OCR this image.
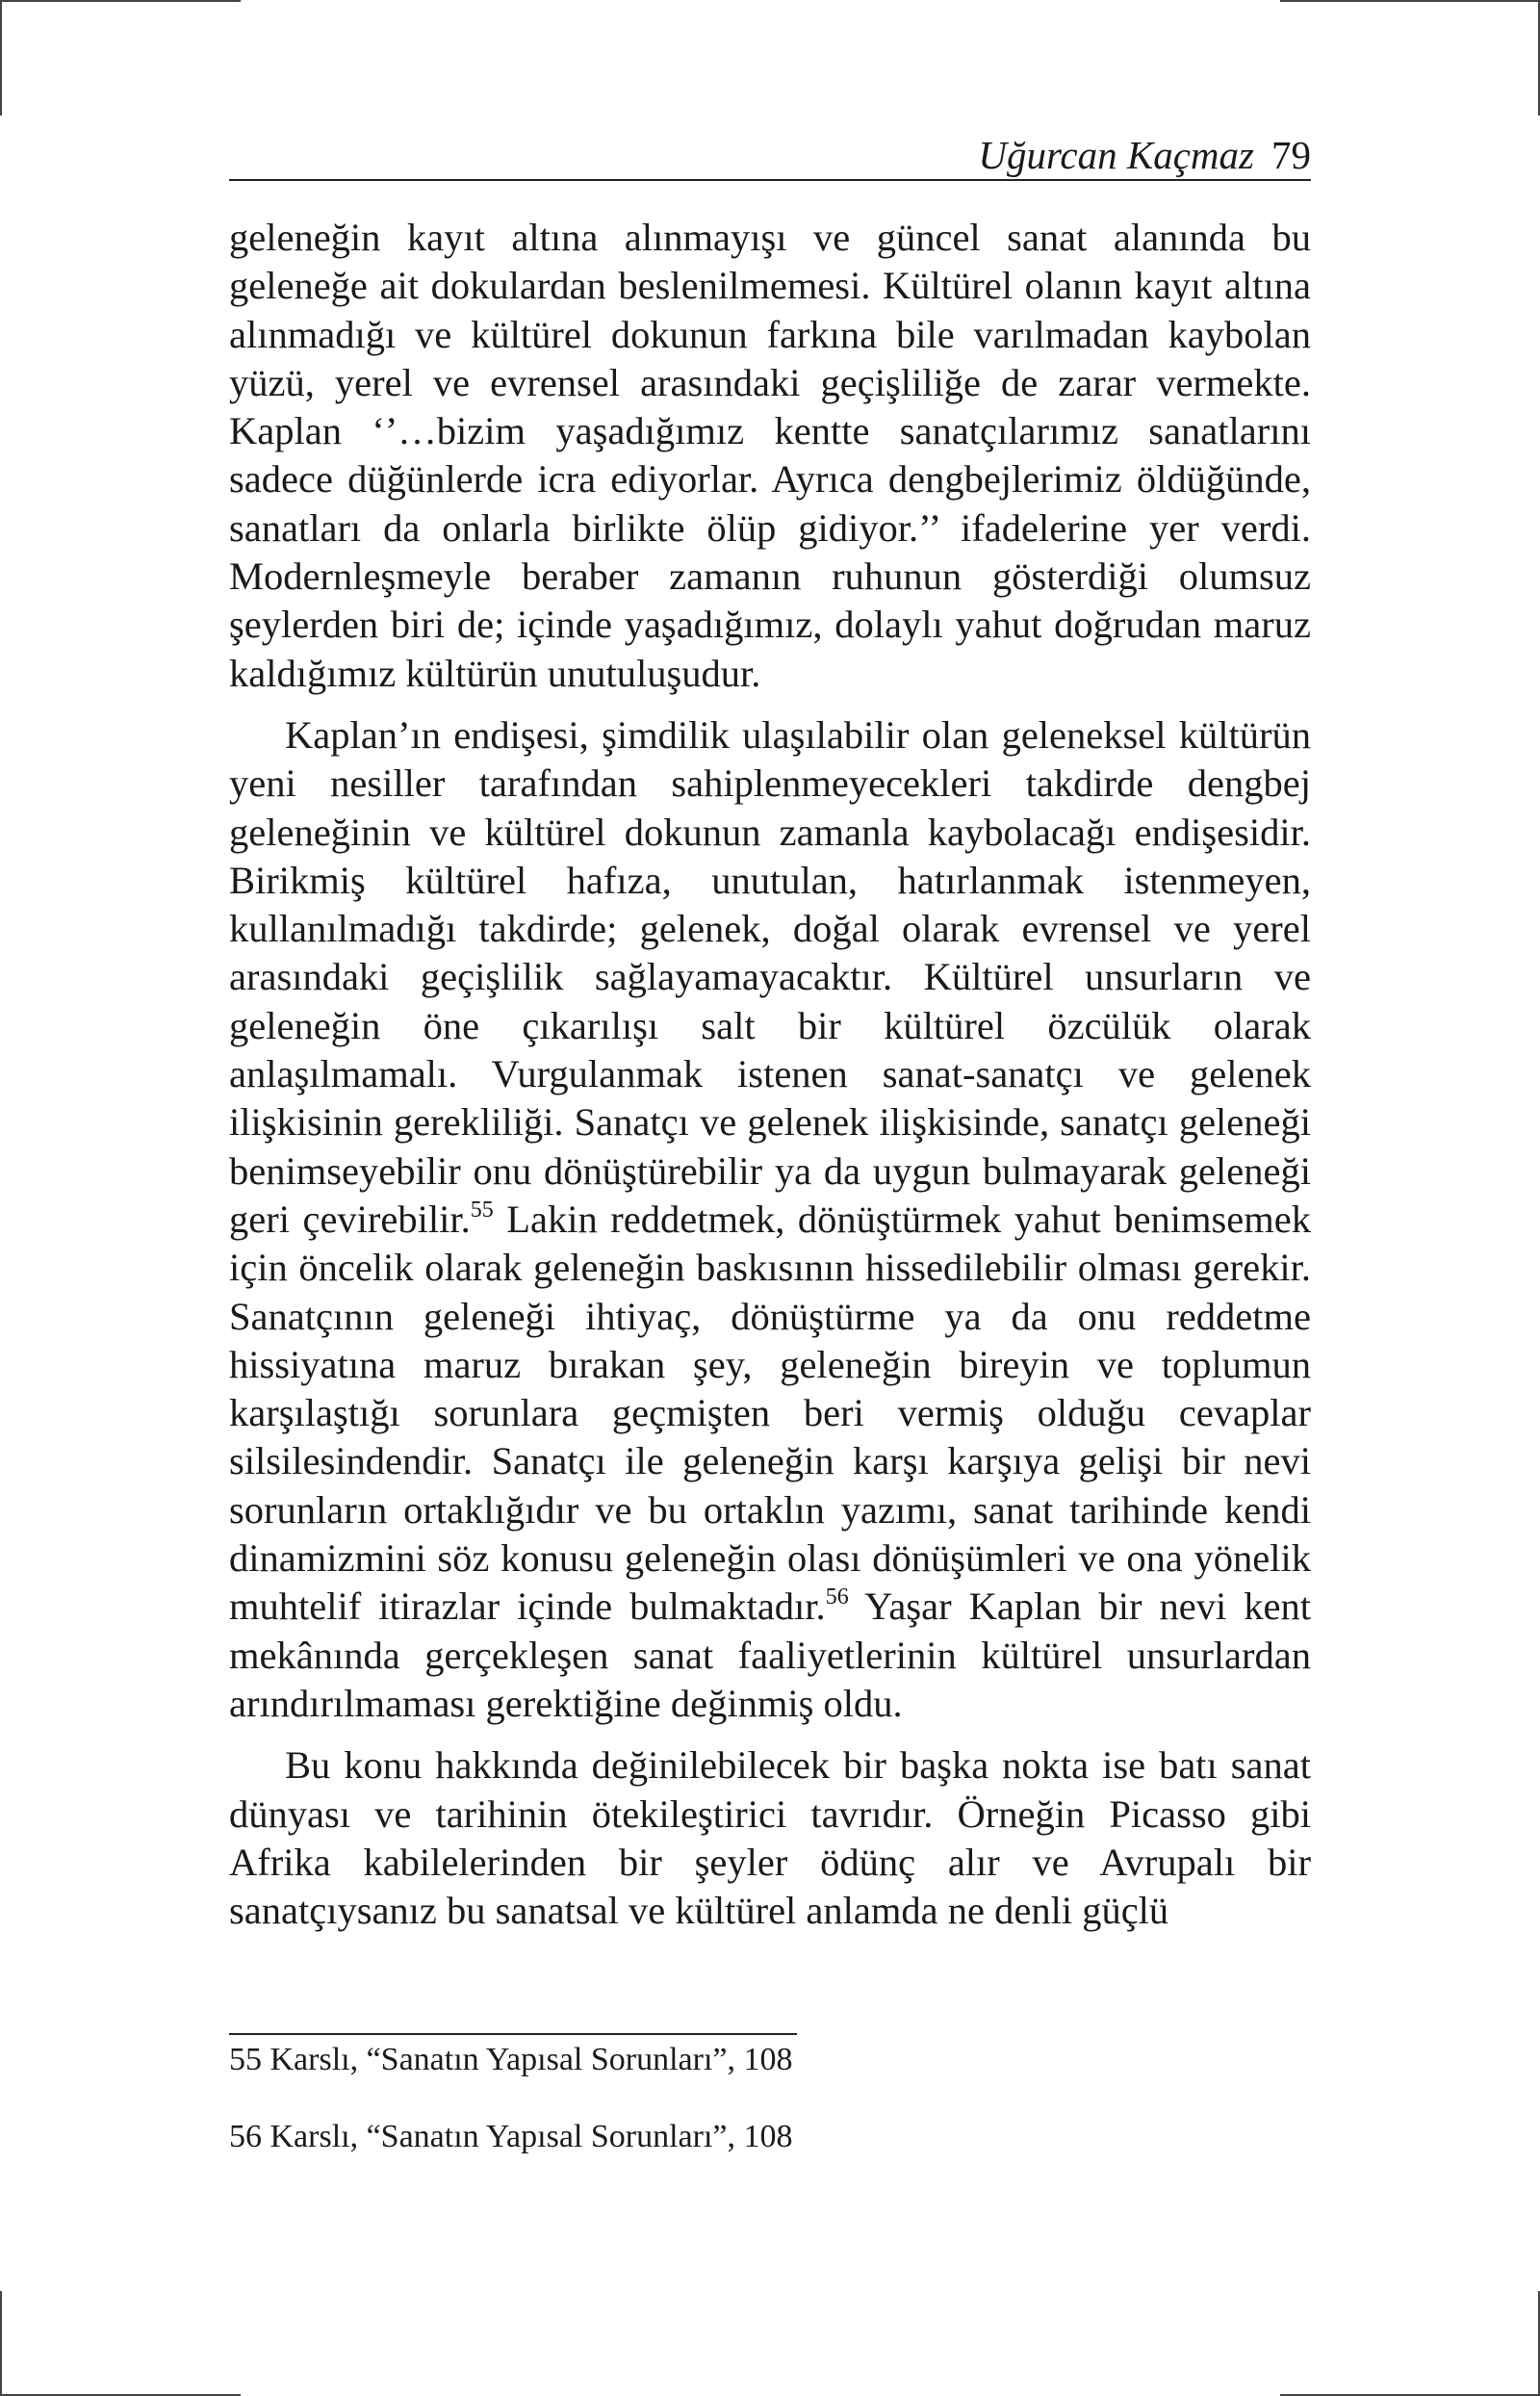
Uğurcan Kaçmaz 79

geleneğin kayıt altına alınmayışı ve güncel sanat alanında bu geleneğe ait dokulardan beslenilmemesi. Kültürel olanın kayıt altına alınmadığı ve kültürel dokunun farkına bile varılmadan kaybolan yüzü, yerel ve evrensel arasındaki geçişliliğe de zarar vermekte. Kaplan ‘’…bizim yaşadığımız kentte sanatçılarımız sanatlarını sadece düğünlerde icra ediyorlar. Ayrıca dengbejlerimiz öldüğünde, sanatları da onlarla birlikte ölüp gidiyor.’’ ifadelerine yer verdi. Modernleşmeyle beraber zamanın ruhunun gösterdiği olumsuz şeylerden biri de; içinde yaşadığımız, dolaylı yahut doğrudan maruz kaldığımız kültürün unutuluşudur.

Kaplan’ın endişesi, şimdilik ulaşılabilir olan geleneksel kültürün yeni nesiller tarafından sahiplenmeyecekleri takdirde dengbej geleneğinin ve kültürel dokunun zamanla kaybolacağı endişesidir. Birikmiş kültürel hafıza, unutulan, hatırlanmak istenmeyen, kullanılmadığı takdirde; gelenek, doğal olarak evrensel ve yerel arasındaki geçişlilik sağlayamayacaktır. Kültürel unsurların ve geleneğin öne çıkarılışı salt bir kültürel özcülük olarak anlaşılmamalı. Vurgulanmak istenen sanat-sanatçı ve gelenek ilişkisinin gerekliliği. Sanatçı ve gelenek ilişkisinde, sanatçı geleneği benimseyebilir onu dönüştürebilir ya da uygun bulmayarak geleneği geri çevirebilir.$^{55}$ Lakin reddetmek, dönüştürmek yahut benimsemek için öncelik olarak geleneğin baskısının hissedilebilir olması gerekir. Sanatçının geleneği ihtiyaç, dönüştürme ya da onu reddetme hissiyatına maruz bırakan şey, geleneğin bireyin ve toplumun karşılaştığı sorunlara geçmişten beri vermiş olduğu cevaplar silsilesindendir. Sanatçı ile geleneğin karşı karşıya gelişi bir nevi sorunların ortaklığıdır ve bu ortaklın yazımı, sanat tarihinde kendi dinamizmini söz konusu geleneğin olası dönüşümleri ve ona yönelik muhtelif itirazlar içinde bulmaktadır.$^{56}$ Yaşar Kaplan bir nevi kent mekânında gerçekleşen sanat faaliyetlerinin kültürel unsurlardan arındırılmaması gerektiğine değinmiş oldu.

Bu konu hakkında değinilebilecek bir başka nokta ise batı sanat dünyası ve tarihinin ötekileştirici tavrıdır. Örneğin Picasso gibi Afrika kabilelerinden bir şeyler ödünç alır ve Avrupalı bir sanatçıysanız bu sanatsal ve kültürel anlamda ne denli güçlü

55 Karslı, “Sanatın Yapısal Sorunları”, 108
56 Karslı, “Sanatın Yapısal Sorunları”, 108
